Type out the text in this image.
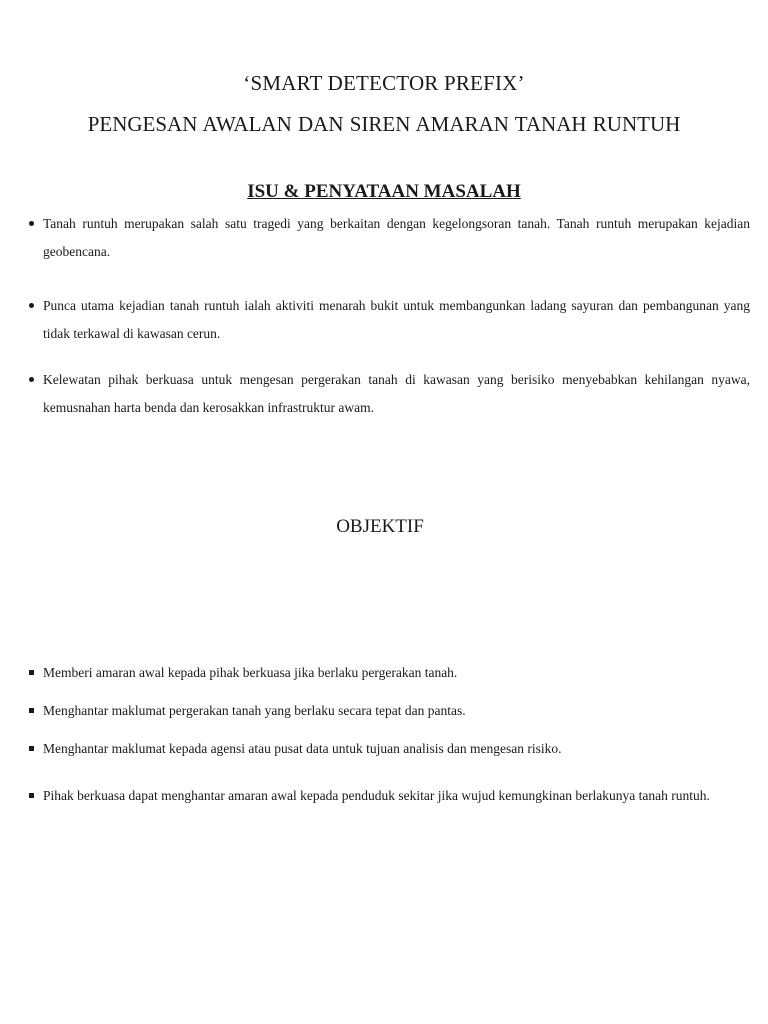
‘SMART DETECTOR PREFIX’
PENGESAN AWALAN DAN SIREN AMARAN TANAH RUNTUH
ISU & PENYATAAN MASALAH
Tanah runtuh merupakan salah satu tragedi yang berkaitan dengan kegelongsoran tanah. Tanah runtuh merupakan kejadian geobencana.
Punca utama kejadian tanah runtuh ialah aktiviti menarah bukit untuk membangunkan ladang sayuran dan pembangunan yang tidak terkawal di kawasan cerun.
Kelewatan pihak berkuasa untuk mengesan pergerakan tanah di kawasan yang berisiko menyebabkan kehilangan nyawa, kemusnahan harta benda dan kerosakkan infrastruktur awam.
OBJEKTIF
Memberi amaran awal kepada pihak berkuasa jika berlaku pergerakan tanah.
Menghantar maklumat pergerakan tanah yang berlaku secara tepat dan pantas.
Menghantar maklumat kepada agensi atau pusat data untuk tujuan analisis dan mengesan risiko.
Pihak berkuasa dapat menghantar amaran awal kepada penduduk sekitar jika wujud kemungkinan berlakunya tanah runtuh.
